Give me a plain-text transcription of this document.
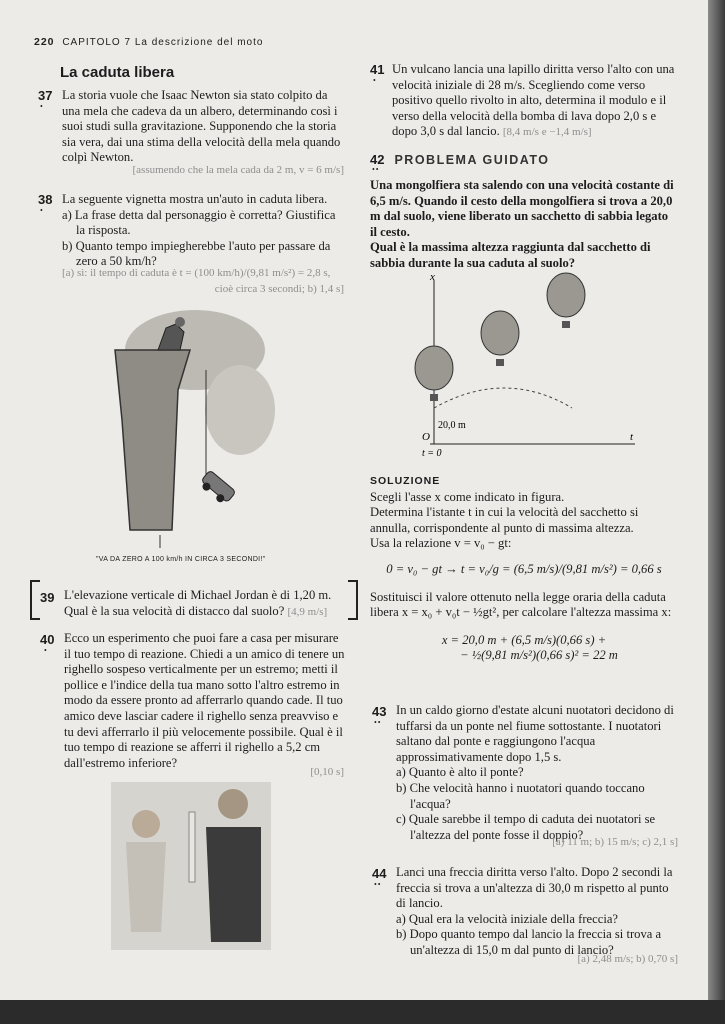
220 CAPITOLO 7 La descrizione del moto
La caduta libera
37
•
La storia vuole che Isaac Newton sia stato colpito da una mela che cadeva da un albero, determinando così i suoi studi sulla gravitazione. Supponendo che la storia sia vera, dai una stima della velocità della mela quando colpì Newton.
[assumendo che la mela cada da 2 m, v = 6 m/s]
38
•
La seguente vignetta mostra un'auto in caduta libera.
a) La frase detta dal personaggio è corretta? Giustifica la risposta.
b) Quanto tempo impiegherebbe l'auto per passare da zero a 50 km/h?
[a) sì: il tempo di caduta è t = (100 km/h)/(9,81 m/s²) = 2,8 s,
cioè circa 3 secondi; b) 1,4 s]
"VA DA ZERO A 100 km/h IN CIRCA 3 SECONDI!"
39 L'elevazione verticale di Michael Jordan è di 1,20 m. Qual è la sua velocità di distacco dal suolo? [4,9 m/s]
40
•
Ecco un esperimento che puoi fare a casa per misurare il tuo tempo di reazione. Chiedi a un amico di tenere un righello sospeso verticalmente per un estremo; metti il pollice e l'indice della tua mano sotto l'altro estremo in modo da essere pronto ad afferrarlo quando cade. Il tuo amico deve lasciar cadere il righello senza preavviso e tu devi afferrarlo il più velocemente possibile. Qual è il tuo tempo di reazione se afferri il righello a 5,2 cm dall'estremo inferiore?
[0,10 s]
41
•
Un vulcano lancia una lapillo diritta verso l'alto con una velocità iniziale di 28 m/s. Scegliendo come verso positivo quello rivolto in alto, determina il modulo e il verso della velocità della bomba di lava dopo 2,0 s e dopo 3,0 s dal lancio. [8,4 m/s e −1,4 m/s]
42 PROBLEMA GUIDATO
••
Una mongolfiera sta salendo con una velocità costante di 6,5 m/s. Quando il cesto della mongolfiera si trova a 20,0 m dal suolo, viene liberato un sacchetto di sabbia legato il cesto.
Qual è la massima altezza raggiunta dal sacchetto di sabbia durante la sua caduta al suolo?
x
t
O
t = 0
20,0 m
SOLUZIONE
Scegli l'asse x come indicato in figura.
Determina l'istante t in cui la velocità del sacchetto si annulla, corrispondente al punto di massima altezza.
Usa la relazione v = v₀ − gt:
0 = v₀ − gt → t = v₀/g = (6,5 m/s)/(9,81 m/s²) = 0,66 s
Sostituisci il valore ottenuto nella legge oraria della caduta libera x = x₀ + v₀t − ½gt², per calcolare l'altezza massima x:
x = 20,0 m + (6,5 m/s)(0,66 s) +
− ½(9,81 m/s²)(0,66 s)² = 22 m
43
••
In un caldo giorno d'estate alcuni nuotatori decidono di tuffarsi da un ponte nel fiume sottostante. I nuotatori saltano dal ponte e raggiungono l'acqua approssimativamente dopo 1,5 s.
a) Quanto è alto il ponte?
b) Che velocità hanno i nuotatori quando toccano l'acqua?
c) Quale sarebbe il tempo di caduta dei nuotatori se l'altezza del ponte fosse il doppio?
[a) 11 m; b) 15 m/s; c) 2,1 s]
44
••
Lanci una freccia diritta verso l'alto. Dopo 2 secondi la freccia si trova a un'altezza di 30,0 m rispetto al punto di lancio.
a) Qual era la velocità iniziale della freccia?
b) Dopo quanto tempo dal lancio la freccia si trova a un'altezza di 15,0 m dal punto di lancio?
[a) 2,48 m/s; b) 0,70 s]
